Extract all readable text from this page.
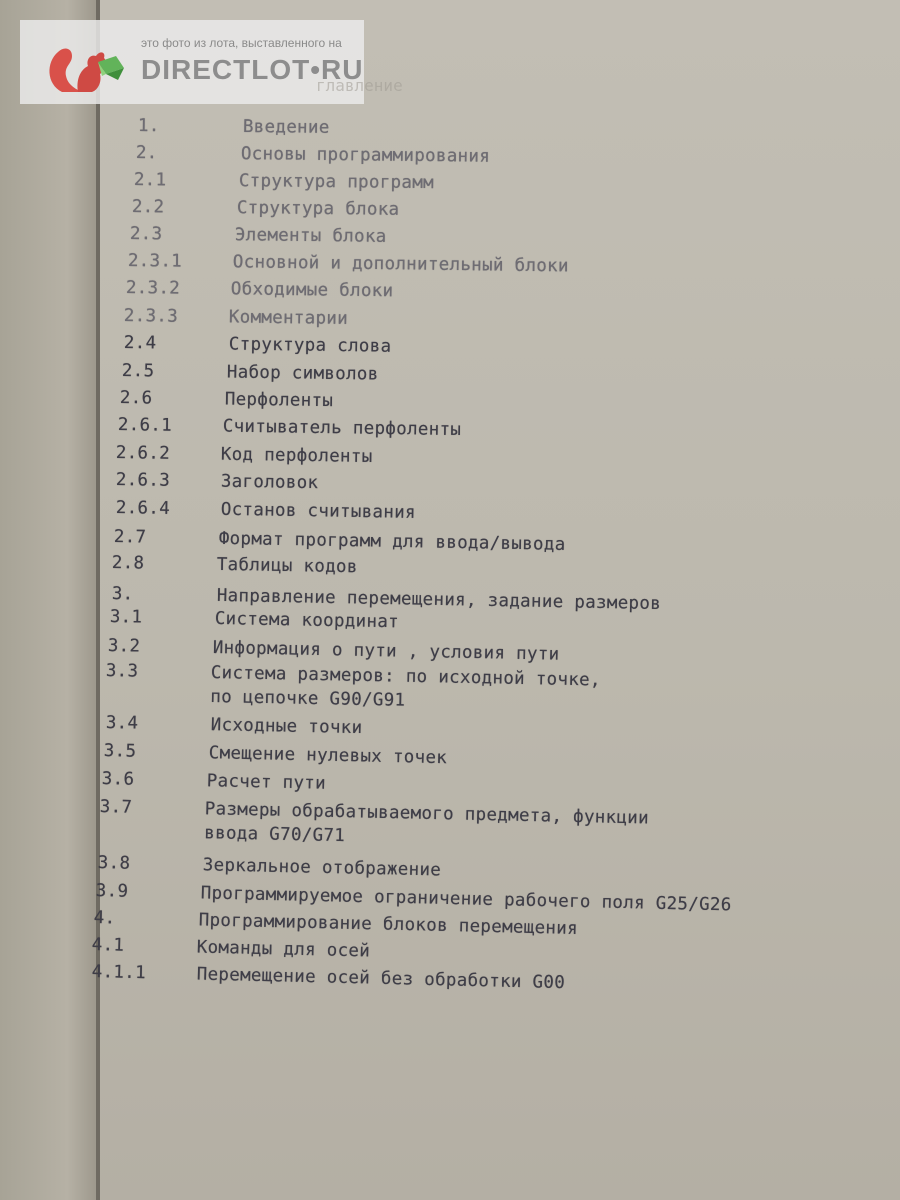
это фото из лота, выставленного на
DIRECTLOT•RU
главление
1.	Введение
2.	Основы программирования
2.1	Структура программ
2.2	Структура блока
2.3	Элементы блока
2.3.1	Основной и дополнительный блоки
2.3.2	Обходимые блоки
2.3.3	Комментарии
2.4	Структура слова
2.5	Набор символов
2.6	Перфоленты
2.6.1	Считыватель перфоленты
2.6.2	Код перфоленты
2.6.3	Заголовок
2.6.4	Останов считывания
2.7	Формат программ для ввода/вывода
2.8	Таблицы кодов
3.	Направление перемещения, задание размеров
3.1	Система координат
3.2	Информация о пути , условия пути
3.3	Система размеров: по исходной точке,
по цепочке G90/G91
3.4	Исходные точки
3.5	Смещение нулевых точек
3.6	Расчет пути
3.7	Размеры обрабатываемого предмета, функции
ввода G70/G71
3.8	Зеркальное отображение
3.9	Программируемое ограничение рабочего поля G25/G26
4.	Программирование блоков перемещения
4.1	Команды для осей
4.1.1	Перемещение осей без обработки G00
